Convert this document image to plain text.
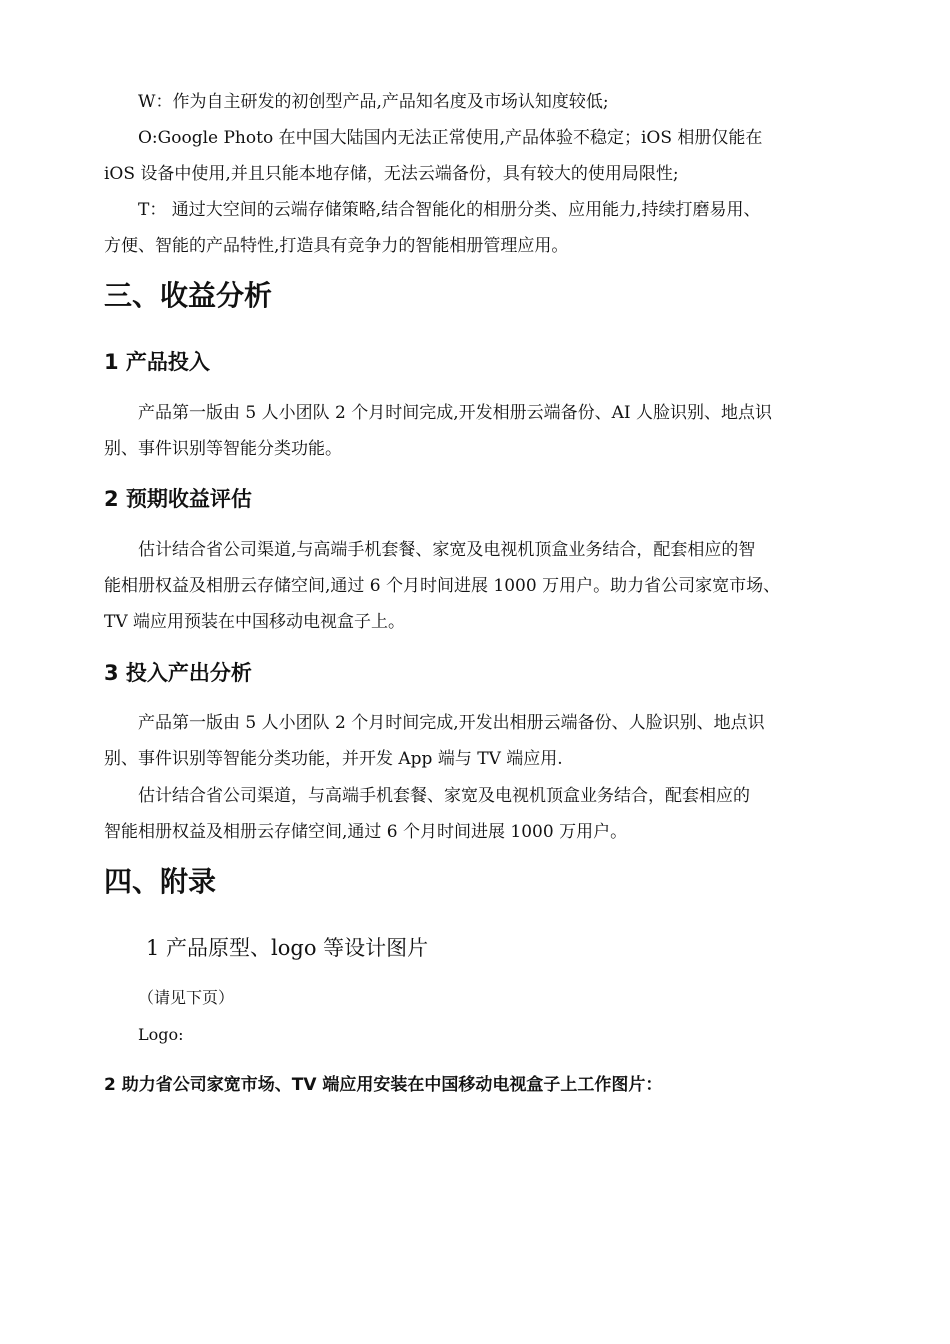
W：作为自主研发的初创型产品,产品知名度及市场认知度较低;
O:Google Photo 在中国大陆国内无法正常使用,产品体验不稳定；iOS 相册仅能在
iOS 设备中使用,并且只能本地存储，无法云端备份，具有较大的使用局限性;
T： 通过大空间的云端存储策略,结合智能化的相册分类、应用能力,持续打磨易用、
方便、智能的产品特性,打造具有竞争力的智能相册管理应用。
三、收益分析
1 产品投入
产品第一版由 5 人小团队 2 个月时间完成,开发相册云端备份、AI 人脸识别、地点识
别、事件识别等智能分类功能。
2 预期收益评估
估计结合省公司渠道,与高端手机套餐、家宽及电视机顶盒业务结合，配套相应的智
能相册权益及相册云存储空间,通过 6 个月时间进展 1000 万用户。助力省公司家宽市场、
TV 端应用预装在中国移动电视盒子上。
3 投入产出分析
产品第一版由 5 人小团队 2 个月时间完成,开发出相册云端备份、人脸识别、地点识
别、事件识别等智能分类功能，并开发 App 端与 TV 端应用.
估计结合省公司渠道，与高端手机套餐、家宽及电视机顶盒业务结合，配套相应的
智能相册权益及相册云存储空间,通过 6 个月时间进展 1000 万用户。
四、附录
1 产品原型、logo 等设计图片
（请见下页）
Logo:
2 助力省公司家宽市场、TV 端应用安装在中国移动电视盒子上工作图片：
